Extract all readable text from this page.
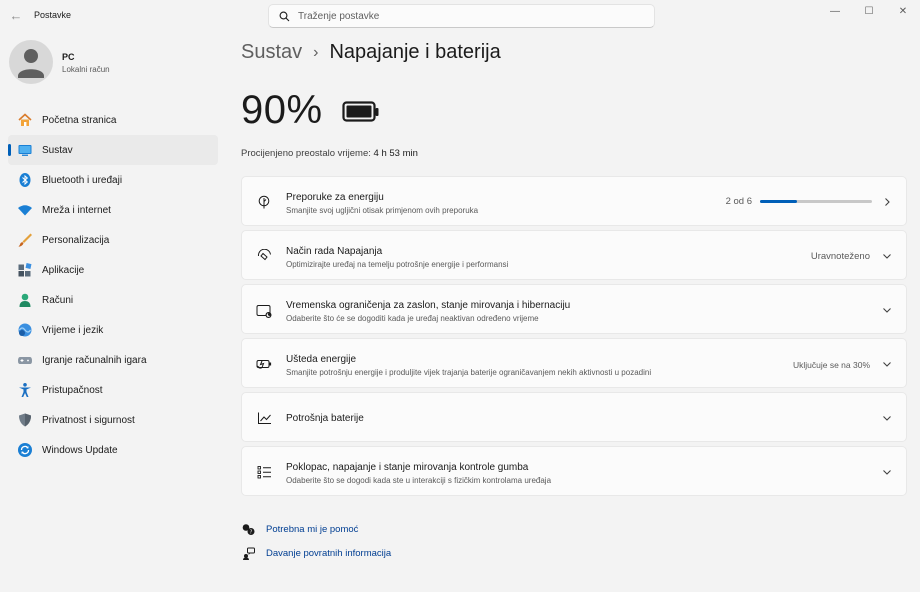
← Postavke
Traženje postavke	—	☐	✕
PC
Lokalni račun
Početna stranica
Sustav
Bluetooth i uređaji
Mreža i internet
Personalizacija
Aplikacije
Računi
Vrijeme i jezik
Igranje računalnih igara
Pristupačnost
Privatnost i sigurnost
Windows Update
Sustav › Napajanje i baterija
90%
Procijenjeno preostalo vrijeme: 4 h 53 min
Preporuke za energiju
Smanjite svoj ugljični otisak primjenom ovih preporuka
2 od 6
Način rada Napajanja
Optimizirajte uređaj na temelju potrošnje energije i performansi
Uravnoteženo
Vremenska ograničenja za zaslon, stanje mirovanja i hibernaciju
Odaberite što će se dogoditi kada je uređaj neaktivan određeno vrijeme
Ušteda energije
Smanjite potrošnju energije i produljite vijek trajanja baterije ograničavanjem nekih aktivnosti u pozadini
Uključuje se na 30%
Potrošnja baterije
Poklopac, napajanje i stanje mirovanja kontrole gumba
Odaberite što se dogodi kada ste u interakciji s fizičkim kontrolama uređaja
? Potrebna mi je pomoć
Davanje povratnih informacija
